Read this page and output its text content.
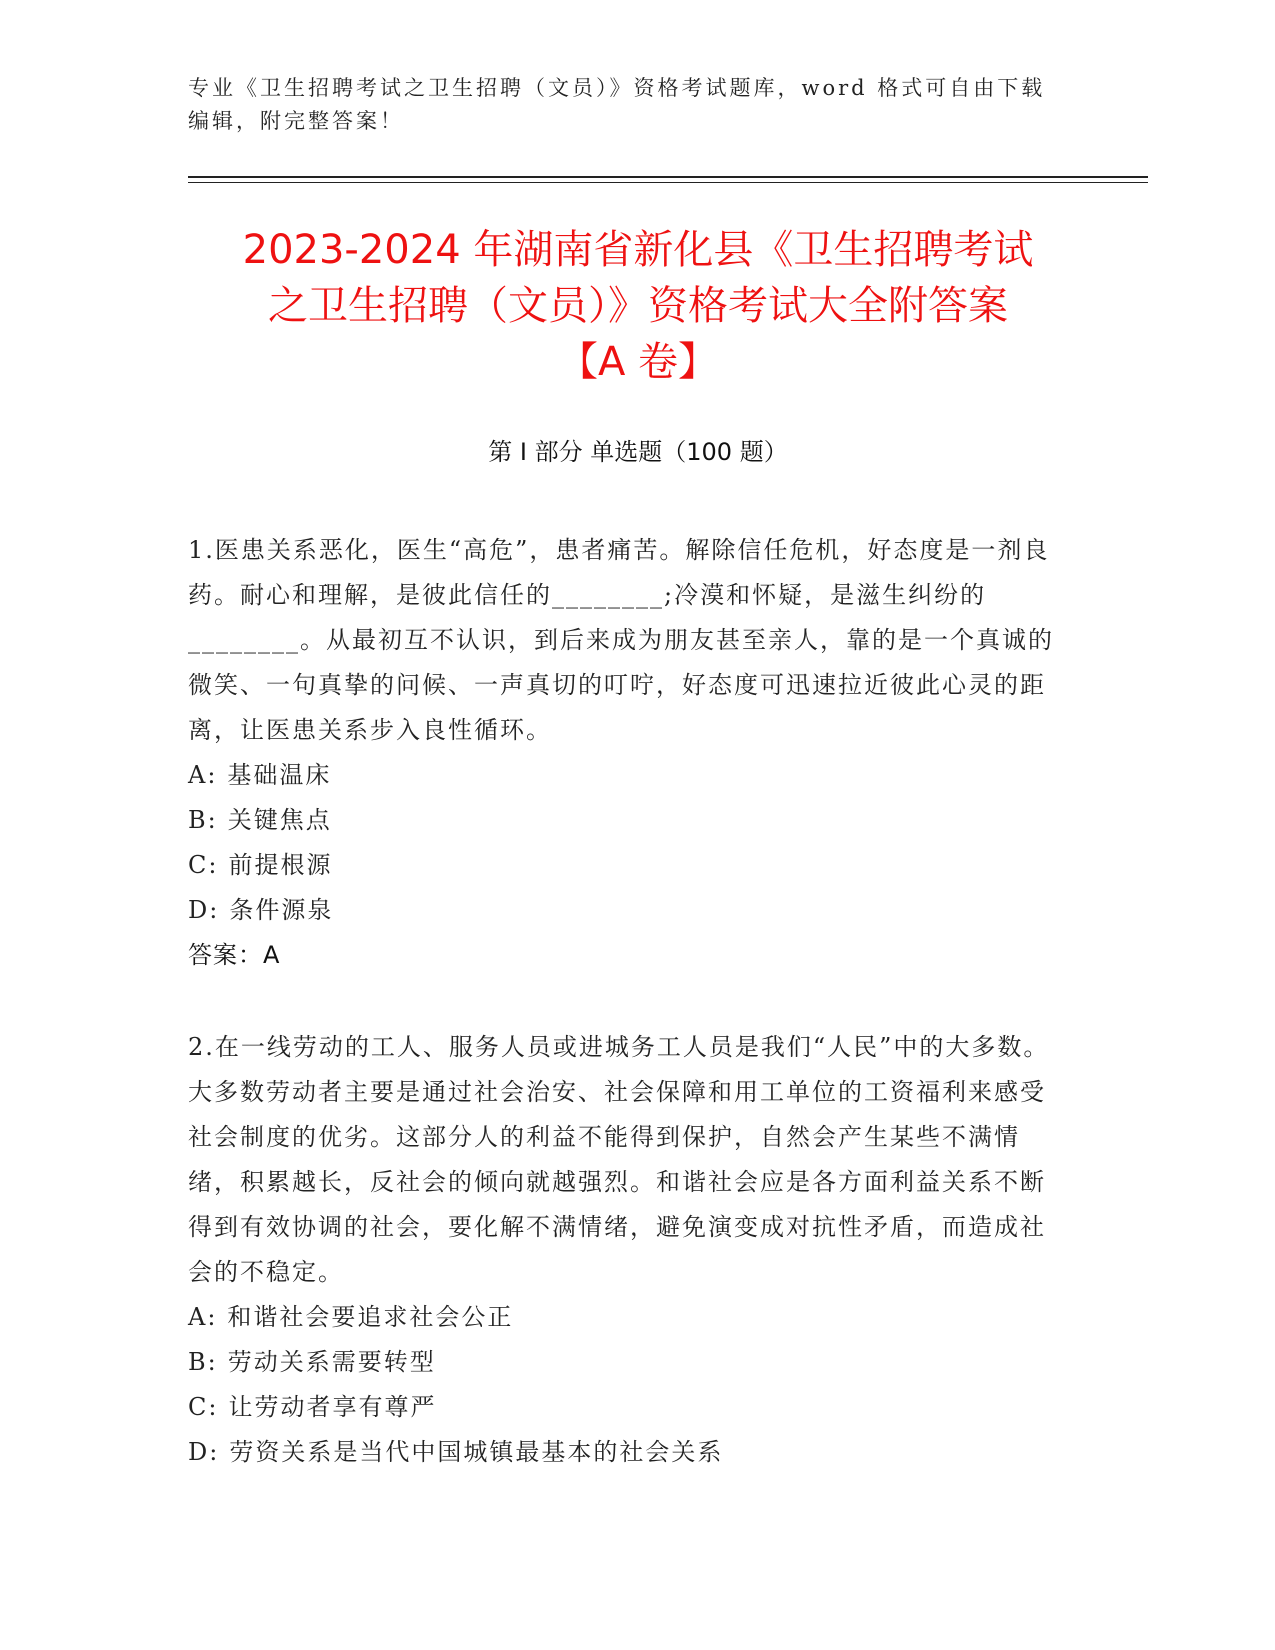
专业《卫生招聘考试之卫生招聘（文员）》资格考试题库，word 格式可自由下载
编辑，附完整答案！
2023-2024 年湖南省新化县《卫生招聘考试
之卫生招聘（文员）》资格考试大全附答案
【A 卷】
第 I 部分 单选题（100 题）

1.医患关系恶化，医生“高危”，患者痛苦。解除信任危机，好态度是一剂良药。耐心和理解，是彼此信任的________;冷漠和怀疑，是滋生纠纷的________。从最初互不认识，到后来成为朋友甚至亲人，靠的是一个真诚的微笑、一句真挚的问候、一声真切的叮咛，好态度可迅速拉近彼此心灵的距离，让医患关系步入良性循环。

A: 基础温床

B: 关键焦点

C: 前提根源

D: 条件源泉

答案：A

2.在一线劳动的工人、服务人员或进城务工人员是我们“人民”中的大多数。大多数劳动者主要是通过社会治安、社会保障和用工单位的工资福利来感受社会制度的优劣。这部分人的利益不能得到保护，自然会产生某些不满情绪，积累越长，反社会的倾向就越强烈。和谐社会应是各方面利益关系不断得到有效协调的社会，要化解不满情绪，避免演变成对抗性矛盾，而造成社会的不稳定。

A: 和谐社会要追求社会公正

B: 劳动关系需要转型

C: 让劳动者享有尊严

D: 劳资关系是当代中国城镇最基本的社会关系
